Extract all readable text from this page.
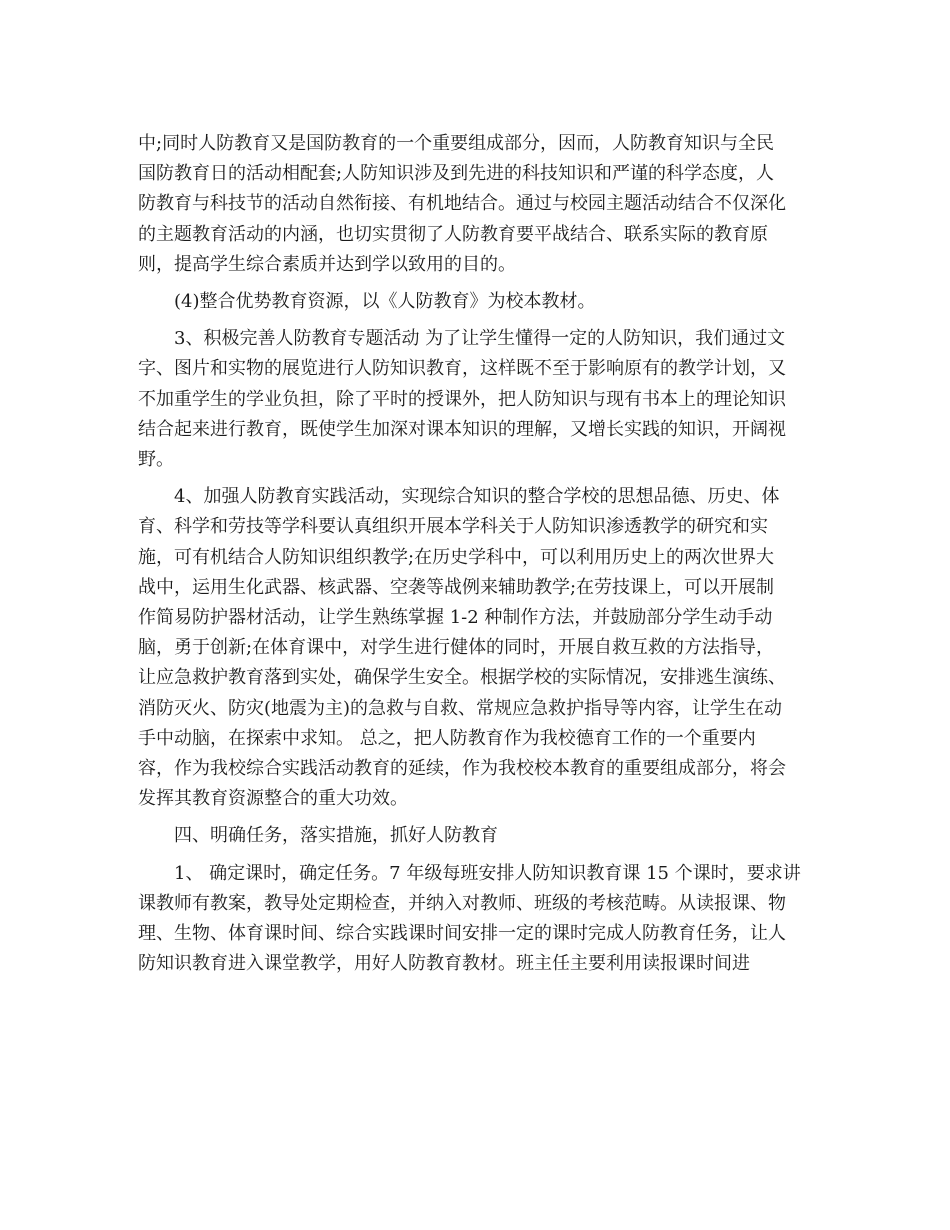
中;同时人防教育又是国防教育的一个重要组成部分，因而，人防教育知识与全民
国防教育日的活动相配套;人防知识涉及到先进的科技知识和严谨的科学态度，人
防教育与科技节的活动自然衔接、有机地结合。通过与校园主题活动结合不仅深化
的主题教育活动的内涵，也切实贯彻了人防教育要平战结合、联系实际的教育原
则，提高学生综合素质并达到学以致用的目的。

　　(4)整合优势教育资源，以《人防教育》为校本教材。

　　3、积极完善人防教育专题活动 为了让学生懂得一定的人防知识，我们通过文
字、图片和实物的展览进行人防知识教育，这样既不至于影响原有的教学计划，又
不加重学生的学业负担，除了平时的授课外，把人防知识与现有书本上的理论知识
结合起来进行教育，既使学生加深对课本知识的理解，又增长实践的知识，开阔视
野。

　　4、加强人防教育实践活动，实现综合知识的整合学校的思想品德、历史、体
育、科学和劳技等学科要认真组织开展本学科关于人防知识渗透教学的研究和实
施，可有机结合人防知识组织教学;在历史学科中，可以利用历史上的两次世界大
战中，运用生化武器、核武器、空袭等战例来辅助教学;在劳技课上，可以开展制
作简易防护器材活动，让学生熟练掌握 1-2 种制作方法，并鼓励部分学生动手动
脑，勇于创新;在体育课中，对学生进行健体的同时，开展自救互救的方法指导，
让应急救护教育落到实处，确保学生安全。根据学校的实际情况，安排逃生演练、
消防灭火、防灾(地震为主)的急救与自救、常规应急救护指导等内容，让学生在动
手中动脑，在探索中求知。 总之，把人防教育作为我校德育工作的一个重要内
容，作为我校综合实践活动教育的延续，作为我校校本教育的重要组成部分，将会
发挥其教育资源整合的重大功效。

　　四、明确任务，落实措施，抓好人防教育

　　1、 确定课时，确定任务。7 年级每班安排人防知识教育课 15 个课时，要求讲
课教师有教案，教导处定期检查，并纳入对教师、班级的考核范畴。从读报课、物
理、生物、体育课时间、综合实践课时间安排一定的课时完成人防教育任务，让人
防知识教育进入课堂教学，用好人防教育教材。班主任主要利用读报课时间进
